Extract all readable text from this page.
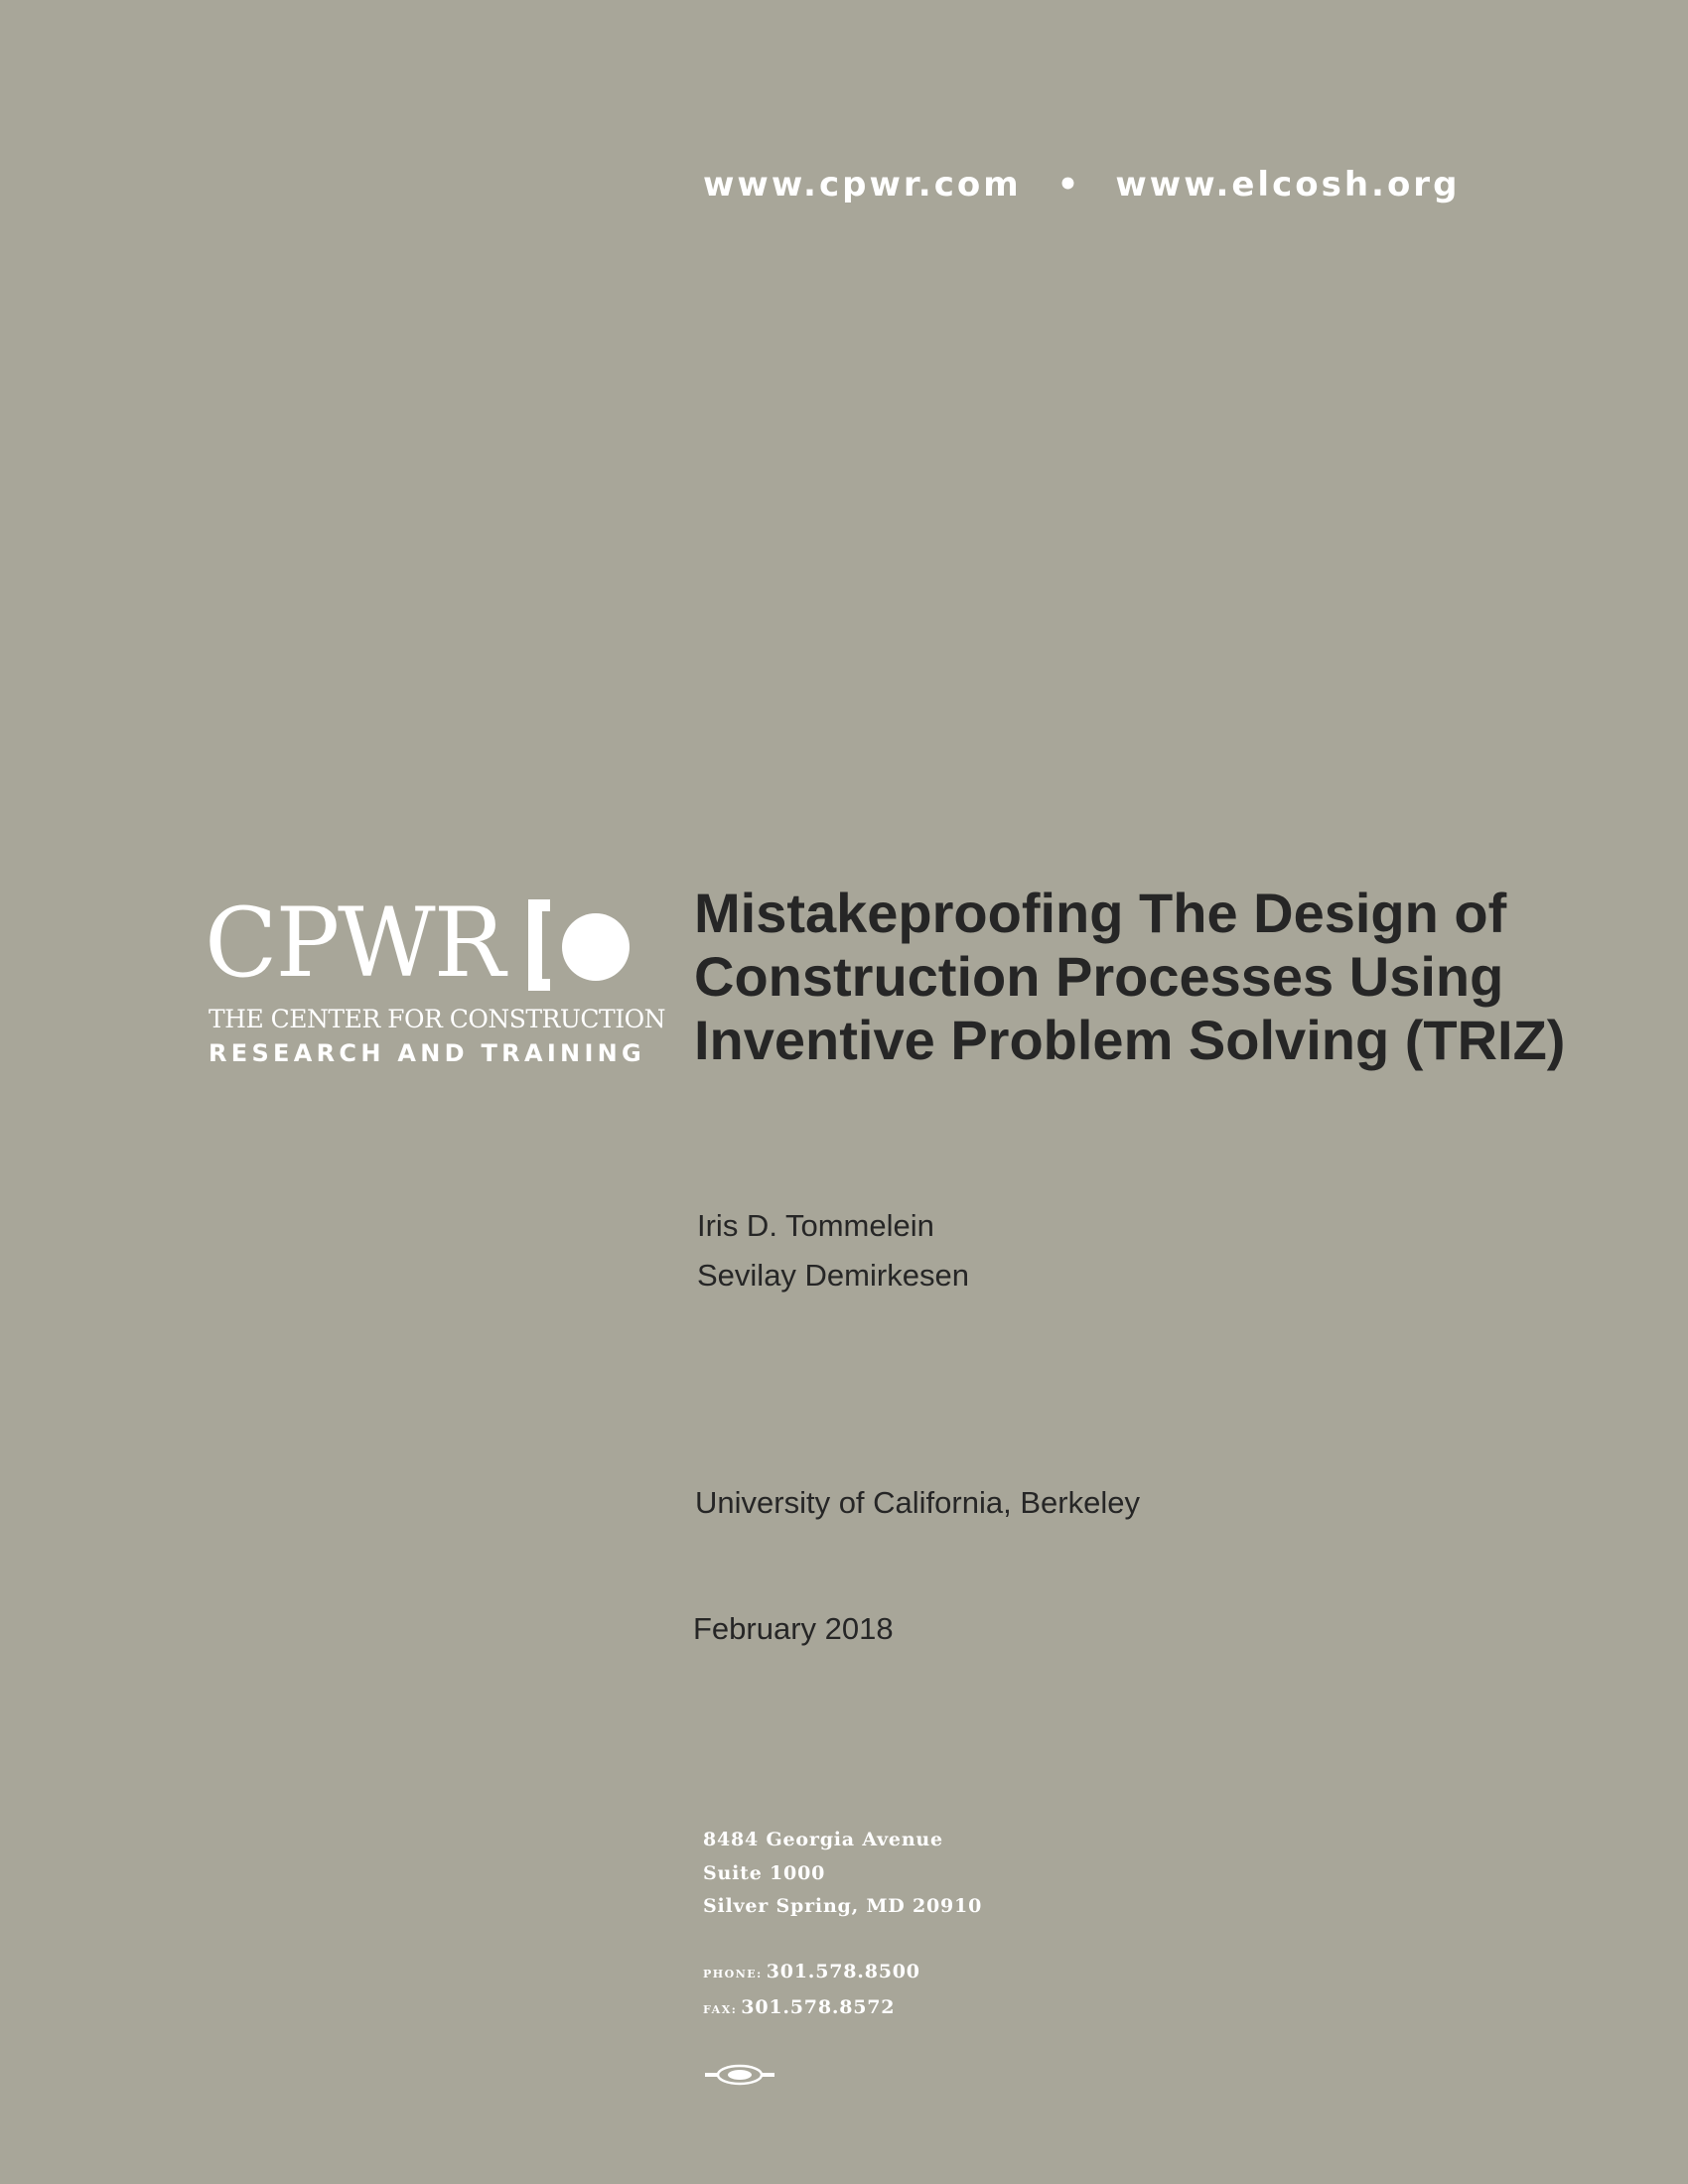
www.cpwr.com • www.elcosh.org
CPWR
THE CENTER FOR CONSTRUCTION
RESEARCH AND TRAINING
Mistakeproofing The Design of
Construction Processes Using
Inventive Problem Solving (TRIZ)
Iris D. Tommelein
Sevilay Demirkesen
University of California, Berkeley
February 2018
8484 Georgia Avenue
Suite 1000
Silver Spring, MD 20910
PHONE: 301.578.8500
FAX: 301.578.8572
